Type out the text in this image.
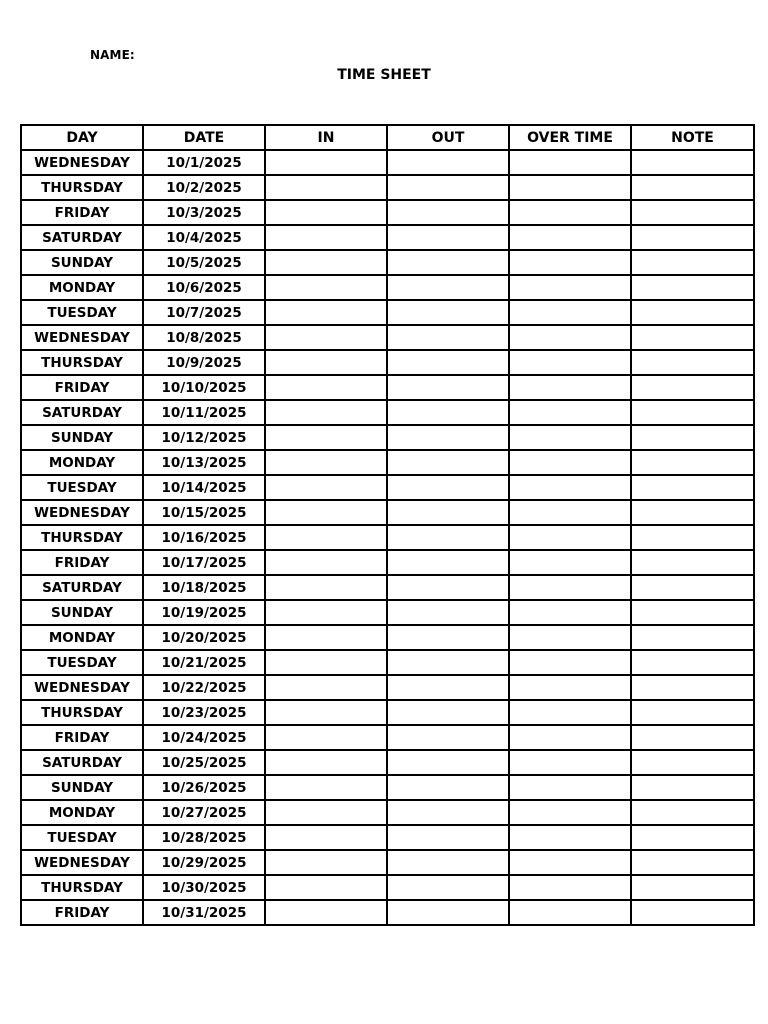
NAME:
TIME SHEET
DAY	DATE	IN	OUT	OVER TIME	NOTE
WEDNESDAY	10/1/2025				
THURSDAY	10/2/2025				
FRIDAY	10/3/2025				
SATURDAY	10/4/2025				
SUNDAY	10/5/2025				
MONDAY	10/6/2025				
TUESDAY	10/7/2025				
WEDNESDAY	10/8/2025				
THURSDAY	10/9/2025				
FRIDAY	10/10/2025				
SATURDAY	10/11/2025				
SUNDAY	10/12/2025				
MONDAY	10/13/2025				
TUESDAY	10/14/2025				
WEDNESDAY	10/15/2025				
THURSDAY	10/16/2025				
FRIDAY	10/17/2025				
SATURDAY	10/18/2025				
SUNDAY	10/19/2025				
MONDAY	10/20/2025				
TUESDAY	10/21/2025				
WEDNESDAY	10/22/2025				
THURSDAY	10/23/2025				
FRIDAY	10/24/2025				
SATURDAY	10/25/2025				
SUNDAY	10/26/2025				
MONDAY	10/27/2025				
TUESDAY	10/28/2025				
WEDNESDAY	10/29/2025				
THURSDAY	10/30/2025				
FRIDAY	10/31/2025				
